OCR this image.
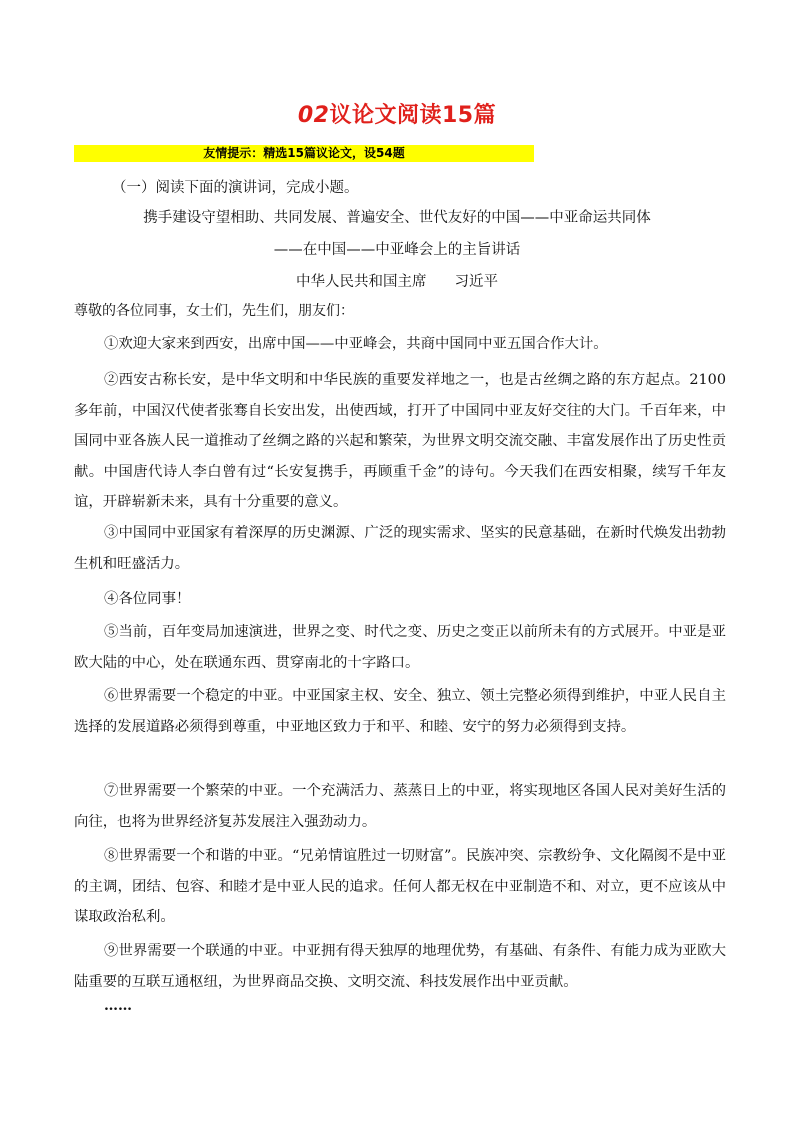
02议论文阅读15篇
友情提示：精选15篇议论文，设54题
（一）阅读下面的演讲词，完成小题。
携手建设守望相助、共同发展、普遍安全、世代友好的中国——中亚命运共同体
——在中国——中亚峰会上的主旨讲话
中华人民共和国主席 习近平
尊敬的各位同事，女士们，先生们，朋友们：

①欢迎大家来到西安，出席中国——中亚峰会，共商中国同中亚五国合作大计。

②西安古称长安，是中华文明和中华民族的重要发祥地之一，也是古丝绸之路的东方起点。2100多年前，中国汉代使者张骞自长安出发，出使西域，打开了中国同中亚友好交往的大门。千百年来，中国同中亚各族人民一道推动了丝绸之路的兴起和繁荣，为世界文明交流交融、丰富发展作出了历史性贡献。中国唐代诗人李白曾有过“长安复携手，再顾重千金”的诗句。今天我们在西安相聚，续写千年友谊，开辟崭新未来，具有十分重要的意义。

③中国同中亚国家有着深厚的历史渊源、广泛的现实需求、坚实的民意基础，在新时代焕发出勃勃生机和旺盛活力。

④各位同事！

⑤当前，百年变局加速演进，世界之变、时代之变、历史之变正以前所未有的方式展开。中亚是亚欧大陆的中心，处在联通东西、贯穿南北的十字路口。

⑥世界需要一个稳定的中亚。中亚国家主权、安全、独立、领土完整必须得到维护，中亚人民自主选择的发展道路必须得到尊重，中亚地区致力于和平、和睦、安宁的努力必须得到支持。

⑦世界需要一个繁荣的中亚。一个充满活力、蒸蒸日上的中亚，将实现地区各国人民对美好生活的向往，也将为世界经济复苏发展注入强劲动力。

⑧世界需要一个和谐的中亚。“兄弟情谊胜过一切财富”。民族冲突、宗教纷争、文化隔阂不是中亚的主调，团结、包容、和睦才是中亚人民的追求。任何人都无权在中亚制造不和、对立，更不应该从中谋取政治私利。

⑨世界需要一个联通的中亚。中亚拥有得天独厚的地理优势，有基础、有条件、有能力成为亚欧大陆重要的互联互通枢纽，为世界商品交换、文明交流、科技发展作出中亚贡献。

……
